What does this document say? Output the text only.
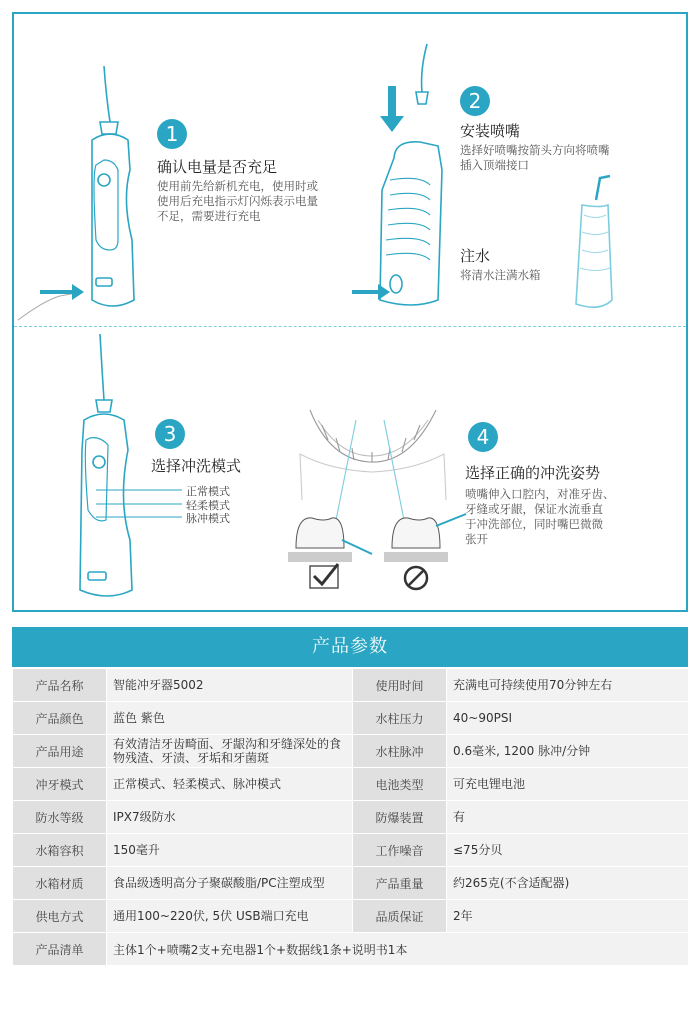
1
确认电量是否充足
使用前先给新机充电，使用时或
使用后充电指示灯闪烁表示电量
不足，需要进行充电
2
安装喷嘴
选择好喷嘴按箭头方向将喷嘴
插入顶端接口
注水
将清水注满水箱
3
选择冲洗模式
正常模式
轻柔模式
脉冲模式
4
选择正确的冲洗姿势
喷嘴伸入口腔内，对准牙齿、
牙缝或牙龈，保证水流垂直
于冲洗部位，同时嘴巴微微
张开
产品参数
产品名称	智能冲牙器5002	使用时间	充满电可持续使用70分钟左右
产品颜色	蓝色 紫色	水柱压力	40~90PSI
产品用途	有效清洁牙齿畸面、牙龈沟和牙缝深处的食物残渣、牙渍、牙垢和牙菌斑	水柱脉冲	0.6毫米, 1200 脉冲/分钟
冲牙模式	正常模式、轻柔模式、脉冲模式	电池类型	可充电锂电池
防水等级	IPX7级防水	防爆装置	有
水箱容积	150毫升	工作噪音	≤75分贝
水箱材质	食品级透明高分子聚碳酸脂/PC注塑成型	产品重量	约265克(不含适配器)
供电方式	通用100~220伏, 5伏 USB端口充电	品质保证	2年
产品清单	主体1个+喷嘴2支+充电器1个+数据线1条+说明书1本		
